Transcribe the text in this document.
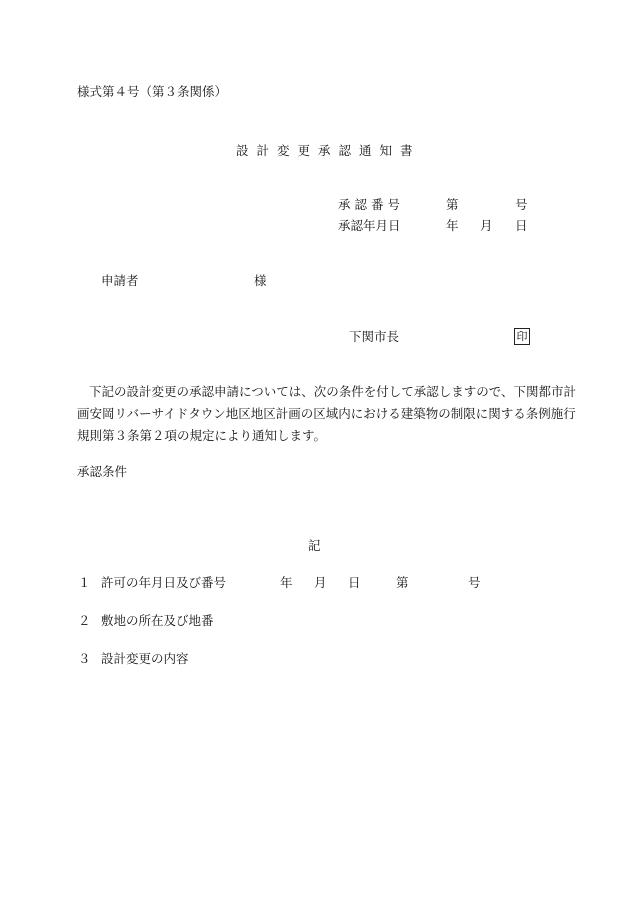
様式第４号（第３条関係）
設計変更承認通知書
承認番号	第	号
承認年月日	年 月 日
申請者	様
下関市長	印
下記の設計変更の承認申請については、次の条件を付して承認しますので、下関都市計
画安岡リバーサイドタウン地区地区計画の区域内における建築物の制限に関する条例施行
規則第３条第２項の規定により通知します。
承認条件
記
１ 許可の年月日及び番号	年 月 日	第	号
２ 敷地の所在及び地番
３ 設計変更の内容
